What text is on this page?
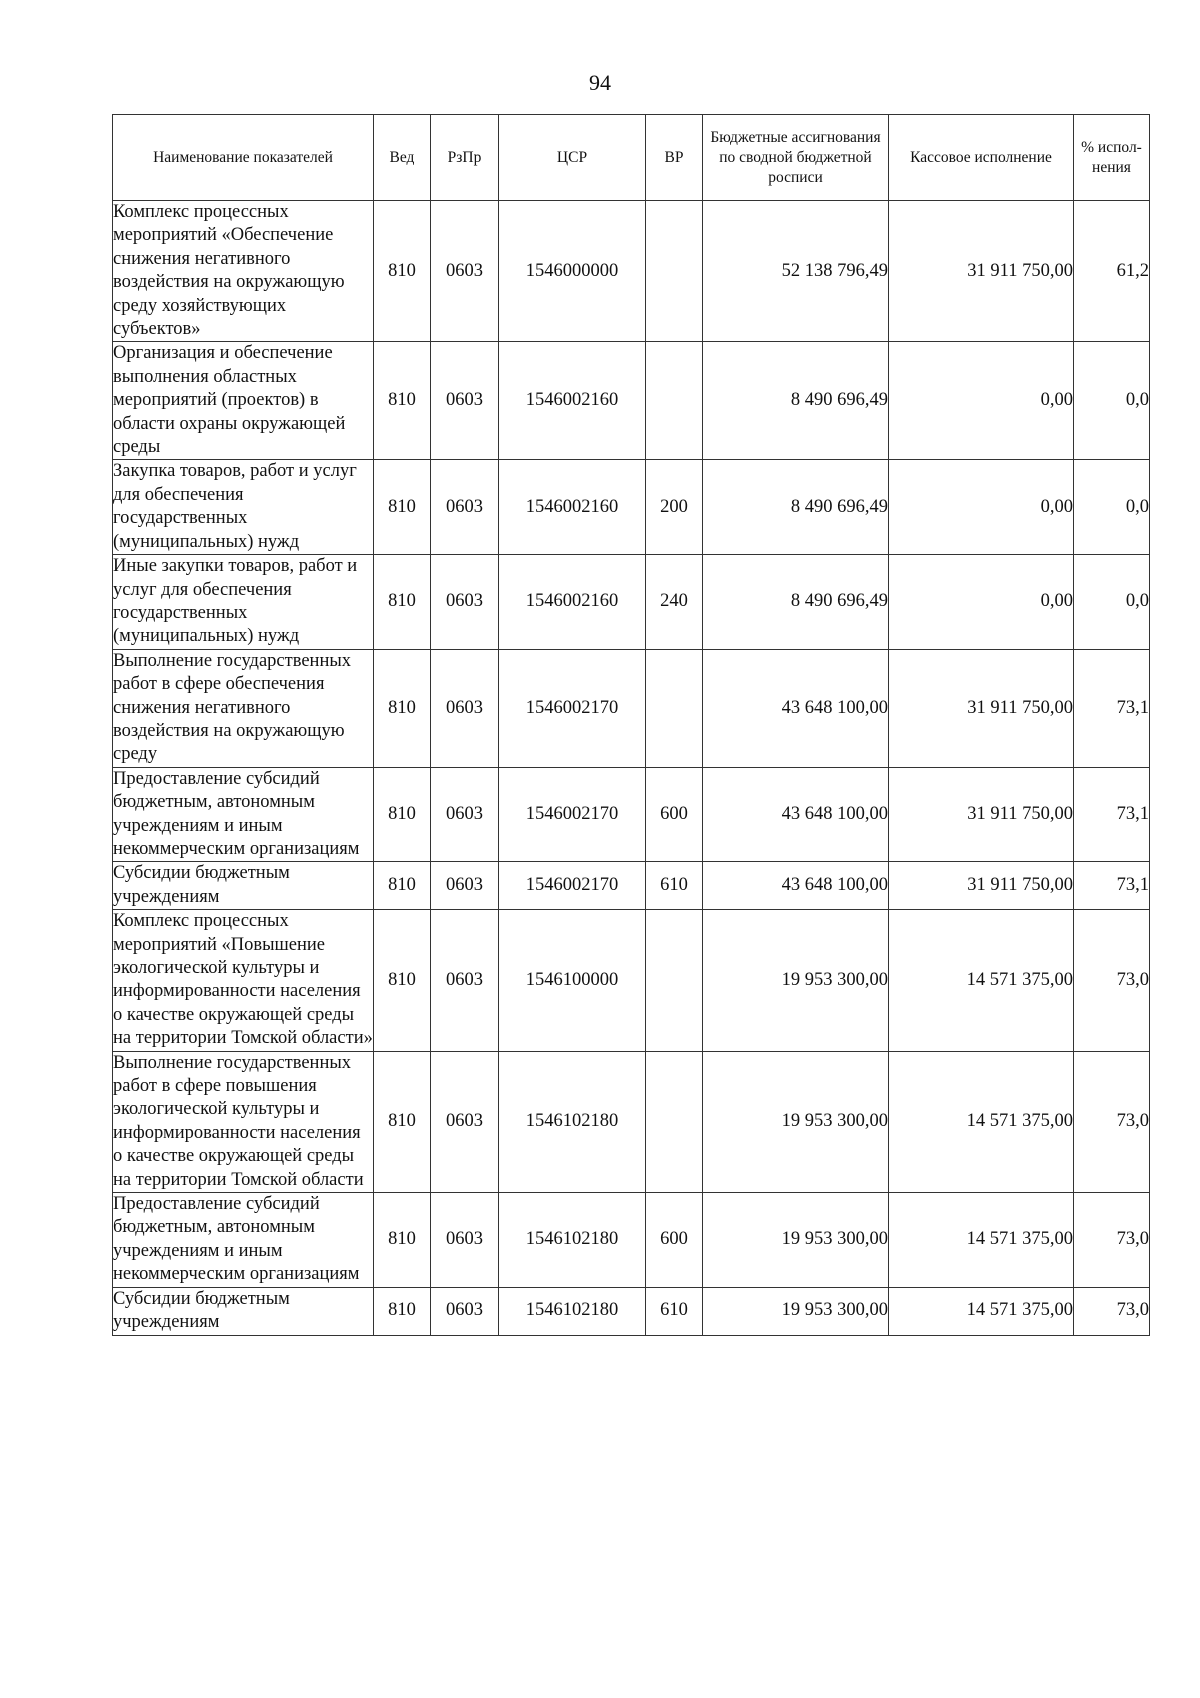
94
Наименование показателей	Вед	РзПр	ЦСР	ВР	Бюджетные ассигнования по сводной бюджетной росписи	Кассовое исполнение	% испол-нения
Комплекс процессных мероприятий «Обеспечение снижения негативного воздействия на окружающую среду хозяйствующих субъектов»	810	0603	1546000000		52 138 796,49	31 911 750,00	61,2
Организация и обеспечение выполнения областных мероприятий (проектов) в области охраны окружающей среды	810	0603	1546002160		8 490 696,49	0,00	0,0
Закупка товаров, работ и услуг для обеспечения государственных (муниципальных) нужд	810	0603	1546002160	200	8 490 696,49	0,00	0,0
Иные закупки товаров, работ и услуг для обеспечения государственных (муниципальных) нужд	810	0603	1546002160	240	8 490 696,49	0,00	0,0
Выполнение государственных работ в сфере обеспечения снижения негативного воздействия на окружающую среду	810	0603	1546002170		43 648 100,00	31 911 750,00	73,1
Предоставление субсидий бюджетным, автономным учреждениям и иным некоммерческим организациям	810	0603	1546002170	600	43 648 100,00	31 911 750,00	73,1
Субсидии бюджетным учреждениям	810	0603	1546002170	610	43 648 100,00	31 911 750,00	73,1
Комплекс процессных мероприятий «Повышение экологической культуры и информированности населения о качестве окружающей среды на территории Томской области»	810	0603	1546100000		19 953 300,00	14 571 375,00	73,0
Выполнение государственных работ в сфере повышения экологической культуры и информированности населения о качестве окружающей среды на территории Томской области	810	0603	1546102180		19 953 300,00	14 571 375,00	73,0
Предоставление субсидий бюджетным, автономным учреждениям и иным некоммерческим организациям	810	0603	1546102180	600	19 953 300,00	14 571 375,00	73,0
Субсидии бюджетным учреждениям	810	0603	1546102180	610	19 953 300,00	14 571 375,00	73,0
